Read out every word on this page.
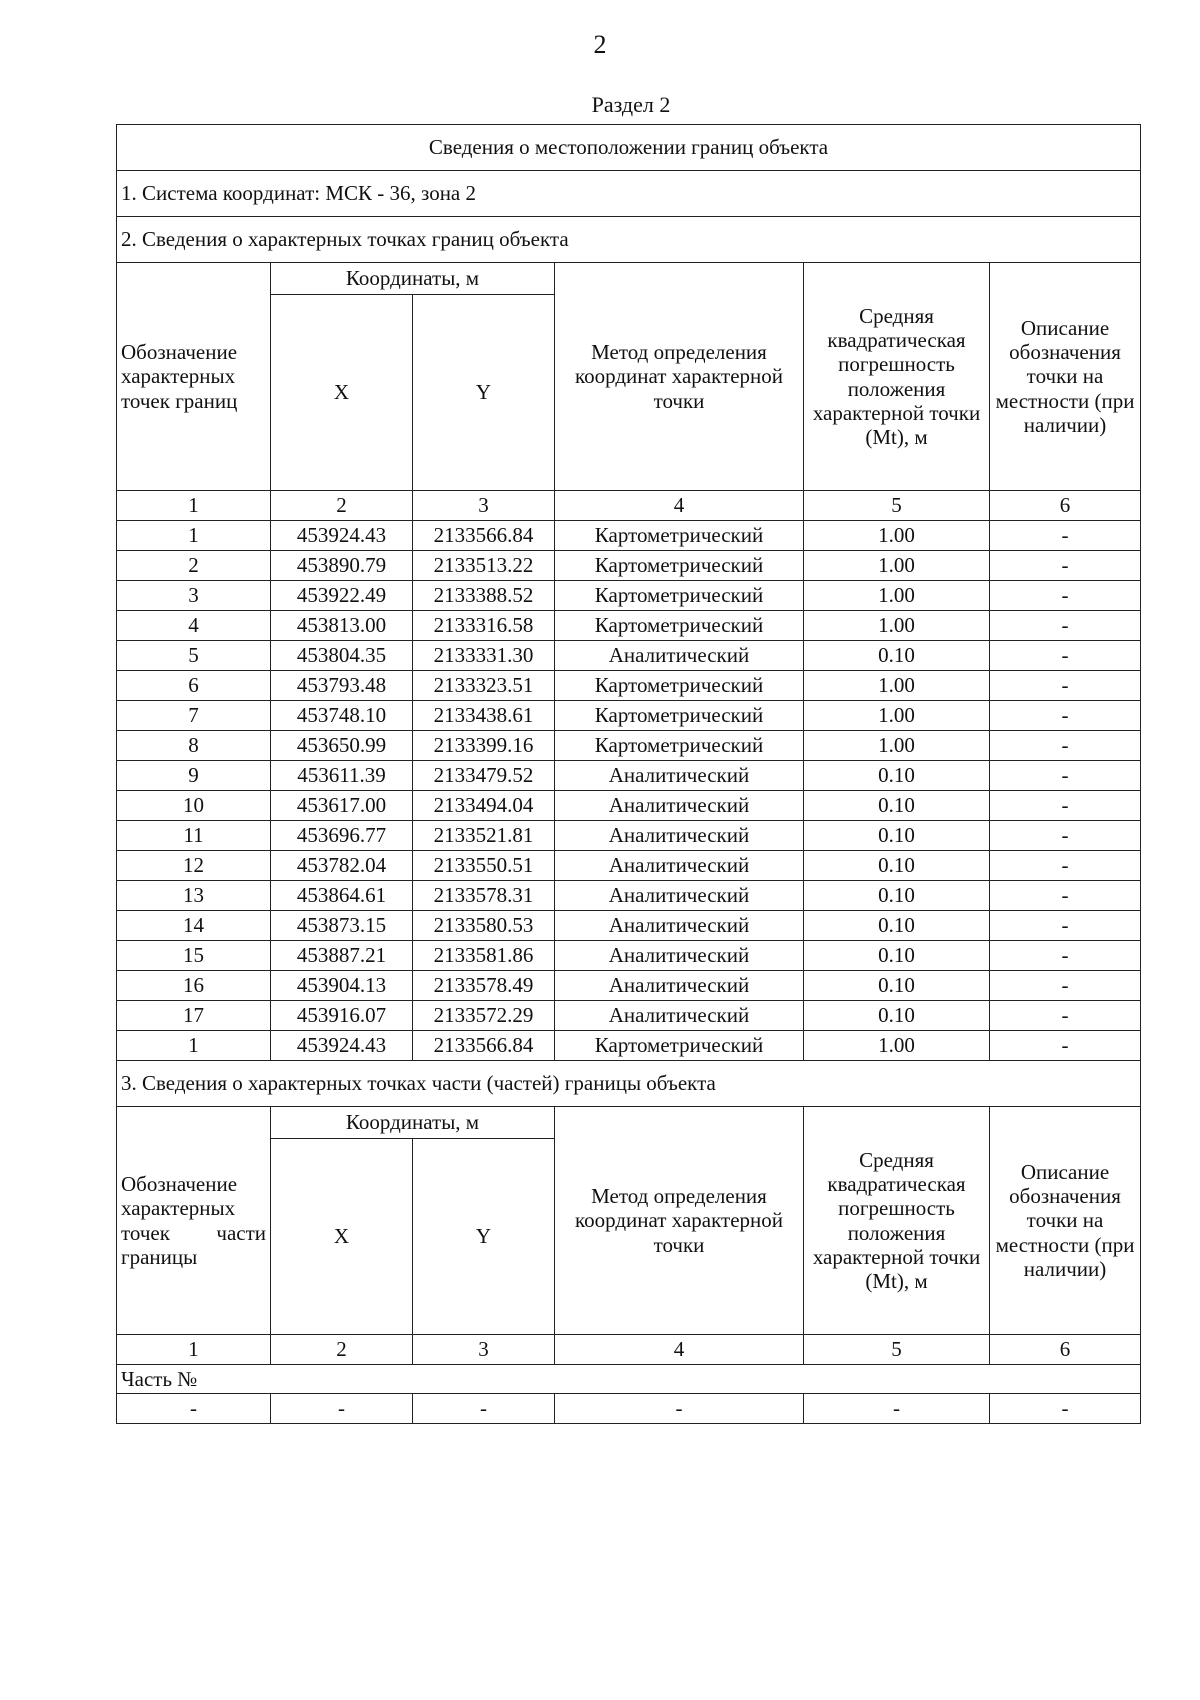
2
Раздел 2
Сведения о местоположении границ объекта					
1. Система координат: МСК - 36, зона 2					
2. Сведения о характерных точках границ объекта					
Обозначение характерных точек границ	Координаты, м		Метод определения координат характерной точки	Средняя квадратическая погрешность положения характерной точки (Mt), м	Описание обозначения точки на местности (при наличии)
	X	Y			
1	2	3	4	5	6
1	453924.43	2133566.84	Картометрический	1.00	-
2	453890.79	2133513.22	Картометрический	1.00	-
3	453922.49	2133388.52	Картометрический	1.00	-
4	453813.00	2133316.58	Картометрический	1.00	-
5	453804.35	2133331.30	Аналитический	0.10	-
6	453793.48	2133323.51	Картометрический	1.00	-
7	453748.10	2133438.61	Картометрический	1.00	-
8	453650.99	2133399.16	Картометрический	1.00	-
9	453611.39	2133479.52	Аналитический	0.10	-
10	453617.00	2133494.04	Аналитический	0.10	-
11	453696.77	2133521.81	Аналитический	0.10	-
12	453782.04	2133550.51	Аналитический	0.10	-
13	453864.61	2133578.31	Аналитический	0.10	-
14	453873.15	2133580.53	Аналитический	0.10	-
15	453887.21	2133581.86	Аналитический	0.10	-
16	453904.13	2133578.49	Аналитический	0.10	-
17	453916.07	2133572.29	Аналитический	0.10	-
1	453924.43	2133566.84	Картометрический	1.00	-
3. Сведения о характерных точках части (частей) границы объекта					
Обозначение характерных точек части границы	Координаты, м		Метод определения координат характерной точки	Средняя квадратическая погрешность положения характерной точки (Mt), м	Описание обозначения точки на местности (при наличии)
	X	Y			
1	2	3	4	5	6
Часть №					
-	-	-	-	-	-
